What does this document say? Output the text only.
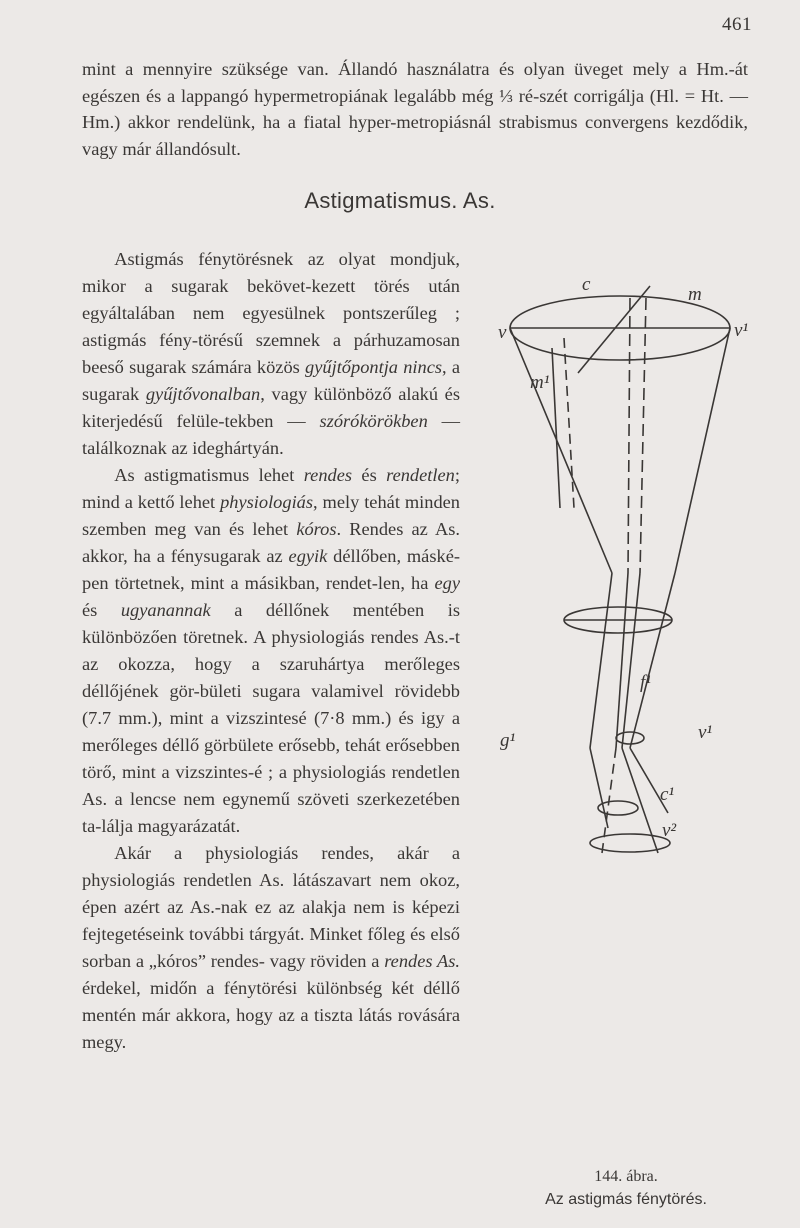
461

mint a mennyire szüksége van. Állandó használatra és olyan üveget mely a Hm.-át egészen és a lappangó hypermetropiának legalább még ⅓ ré-szét corrigálja (Hl. = Ht. — Hm.) akkor rendelünk, ha a fiatal hyper-metropiásnál strabismus convergens kezdődik, vagy már állandósult.

Astigmatismus. As.

Astigmás fénytörésnek az olyat mondjuk, mikor a sugarak bekövet-kezett törés után egyáltalában nem egyesülnek pontszerűleg ; astigmás fény-törésű szemnek a párhuzamosan beeső sugarak számára közös gyűjtőpontja nincs, a sugarak gyűjtővonalban, vagy különböző alakú és kiterjedésű felüle-tekben — szórókörökben — találkoznak az ideghártyán.

As astigmatismus lehet rendes és rendetlen; mind a kettő lehet physiologiás, mely tehát minden szemben meg van és lehet kóros. Rendes az As. akkor, ha a fénysugarak az egyik déllőben, máské-pen törtetnek, mint a másikban, rendet-len, ha egy és ugyanannak a déllőnek mentében is különbözően töretnek. A physiologiás rendes As.-t az okozza, hogy a szaruhártya merőleges déllőjének gör-bületi sugara valamivel rövidebb (7.7 mm.), mint a vizszintesé (7·8 mm.) és igy a merőleges déllő görbülete erősebb, tehát erősebben törő, mint a vizszintes-é ; a physiologiás rendetlen As. a lencse nem egynemű szöveti szerkezetében ta-lálja magyarázatát.

Akár a physiologiás rendes, akár a physiologiás rendetlen As. látászavart nem okoz, épen azért az As.-nak ez az alakja nem is képezi fejtegetéseink további tárgyát. Minket főleg és első sorban a „kóros” rendes- vagy röviden a rendes As. érdekel, midőn a fénytörési különbség két déllő mentén már akkora, hogy az a tiszta látás rovására megy.

c	m
v	v¹
m¹
f¹
g¹	v¹
c¹
v²

144. ábra.

Az astigmás fénytörés.
